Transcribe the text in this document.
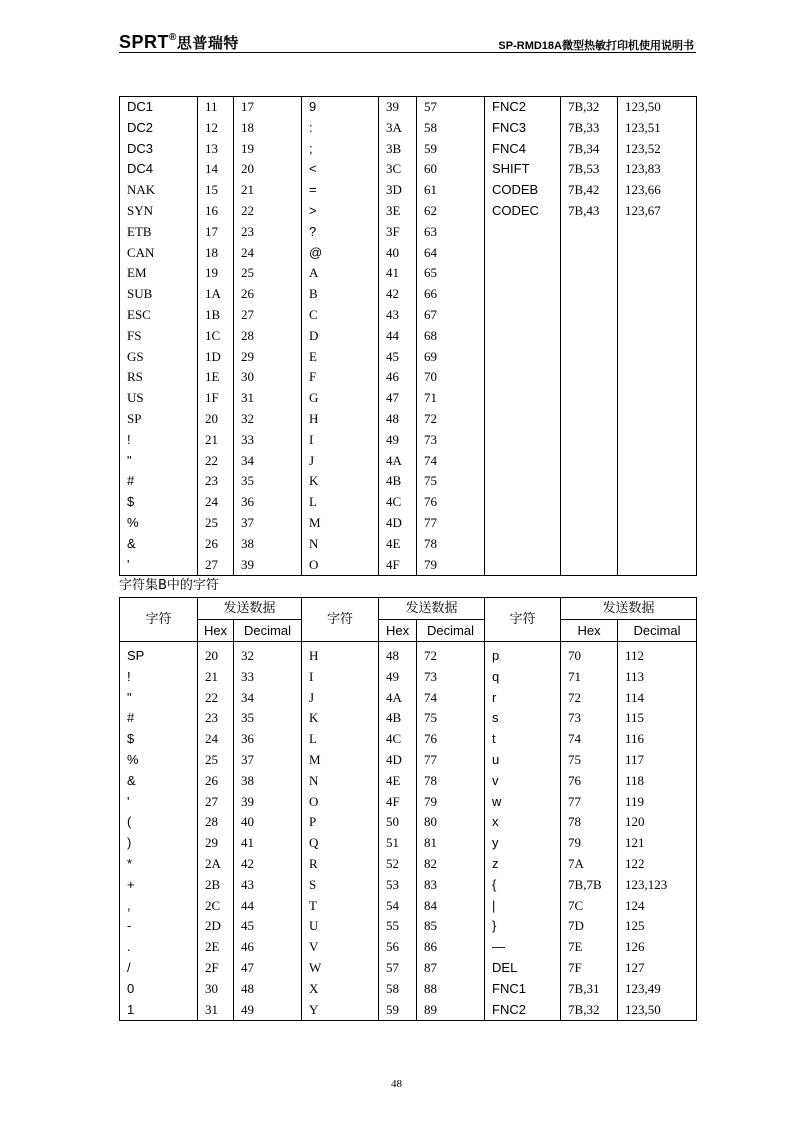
SPRT®思普瑞特	SP-RMD18A微型热敏打印机使用说明书
DC1	11	17	9	39	57	FNC2	7B,32	123,50
DC2	12	18	:	3A	58	FNC3	7B,33	123,51
DC3	13	19	;	3B	59	FNC4	7B,34	123,52
DC4	14	20	<	3C	60	SHIFT	7B,53	123,83
NAK	15	21	=	3D	61	CODEB	7B,42	123,66
SYN	16	22	>	3E	62	CODEC	7B,43	123,67
ETB	17	23	?	3F	63			
CAN	18	24	@	40	64			
EM	19	25	A	41	65			
SUB	1A	26	B	42	66			
ESC	1B	27	C	43	67			
FS	1C	28	D	44	68			
GS	1D	29	E	45	69			
RS	1E	30	F	46	70			
US	1F	31	G	47	71			
SP	20	32	H	48	72			
!	21	33	I	49	73			
"	22	34	J	4A	74			
#	23	35	K	4B	75			
$	24	36	L	4C	76			
%	25	37	M	4D	77			
&	26	38	N	4E	78			
'	27	39	O	4F	79			
字符集B中的字符
字符	发送数据		字符	发送数据		字符	发送数据	
	Hex	Decimal		Hex	Decimal		Hex	Decimal
SP	20	32	H	48	72	p	70	112
!	21	33	I	49	73	q	71	113
"	22	34	J	4A	74	r	72	114
#	23	35	K	4B	75	s	73	115
$	24	36	L	4C	76	t	74	116
%	25	37	M	4D	77	u	75	117
&	26	38	N	4E	78	v	76	118
'	27	39	O	4F	79	w	77	119
(	28	40	P	50	80	x	78	120
)	29	41	Q	51	81	y	79	121
*	2A	42	R	52	82	z	7A	122
+	2B	43	S	53	83	{	7B,7B	123,123
,	2C	44	T	54	84	|	7C	124
-	2D	45	U	55	85	}	7D	125
.	2E	46	V	56	86	—	7E	126
/	2F	47	W	57	87	DEL	7F	127
0	30	48	X	58	88	FNC1	7B,31	123,49
1	31	49	Y	59	89	FNC2	7B,32	123,50
48
